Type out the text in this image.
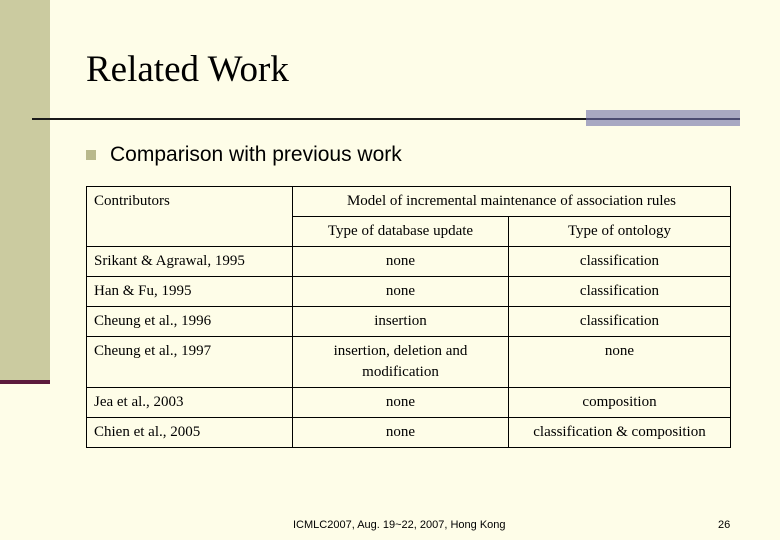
Related Work
Comparison with previous work
Contributors	Model of incremental maintenance of association rules	
	Type of database update	Type of ontology
Srikant & Agrawal, 1995	none	classification
Han & Fu, 1995	none	classification
Cheung et al., 1996	insertion	classification
Cheung et al., 1997	insertion, deletion and modification	none
Jea et al., 2003	none	composition
Chien et al., 2005	none	classification & composition
ICMLC2007, Aug. 19~22, 2007, Hong Kong	26
